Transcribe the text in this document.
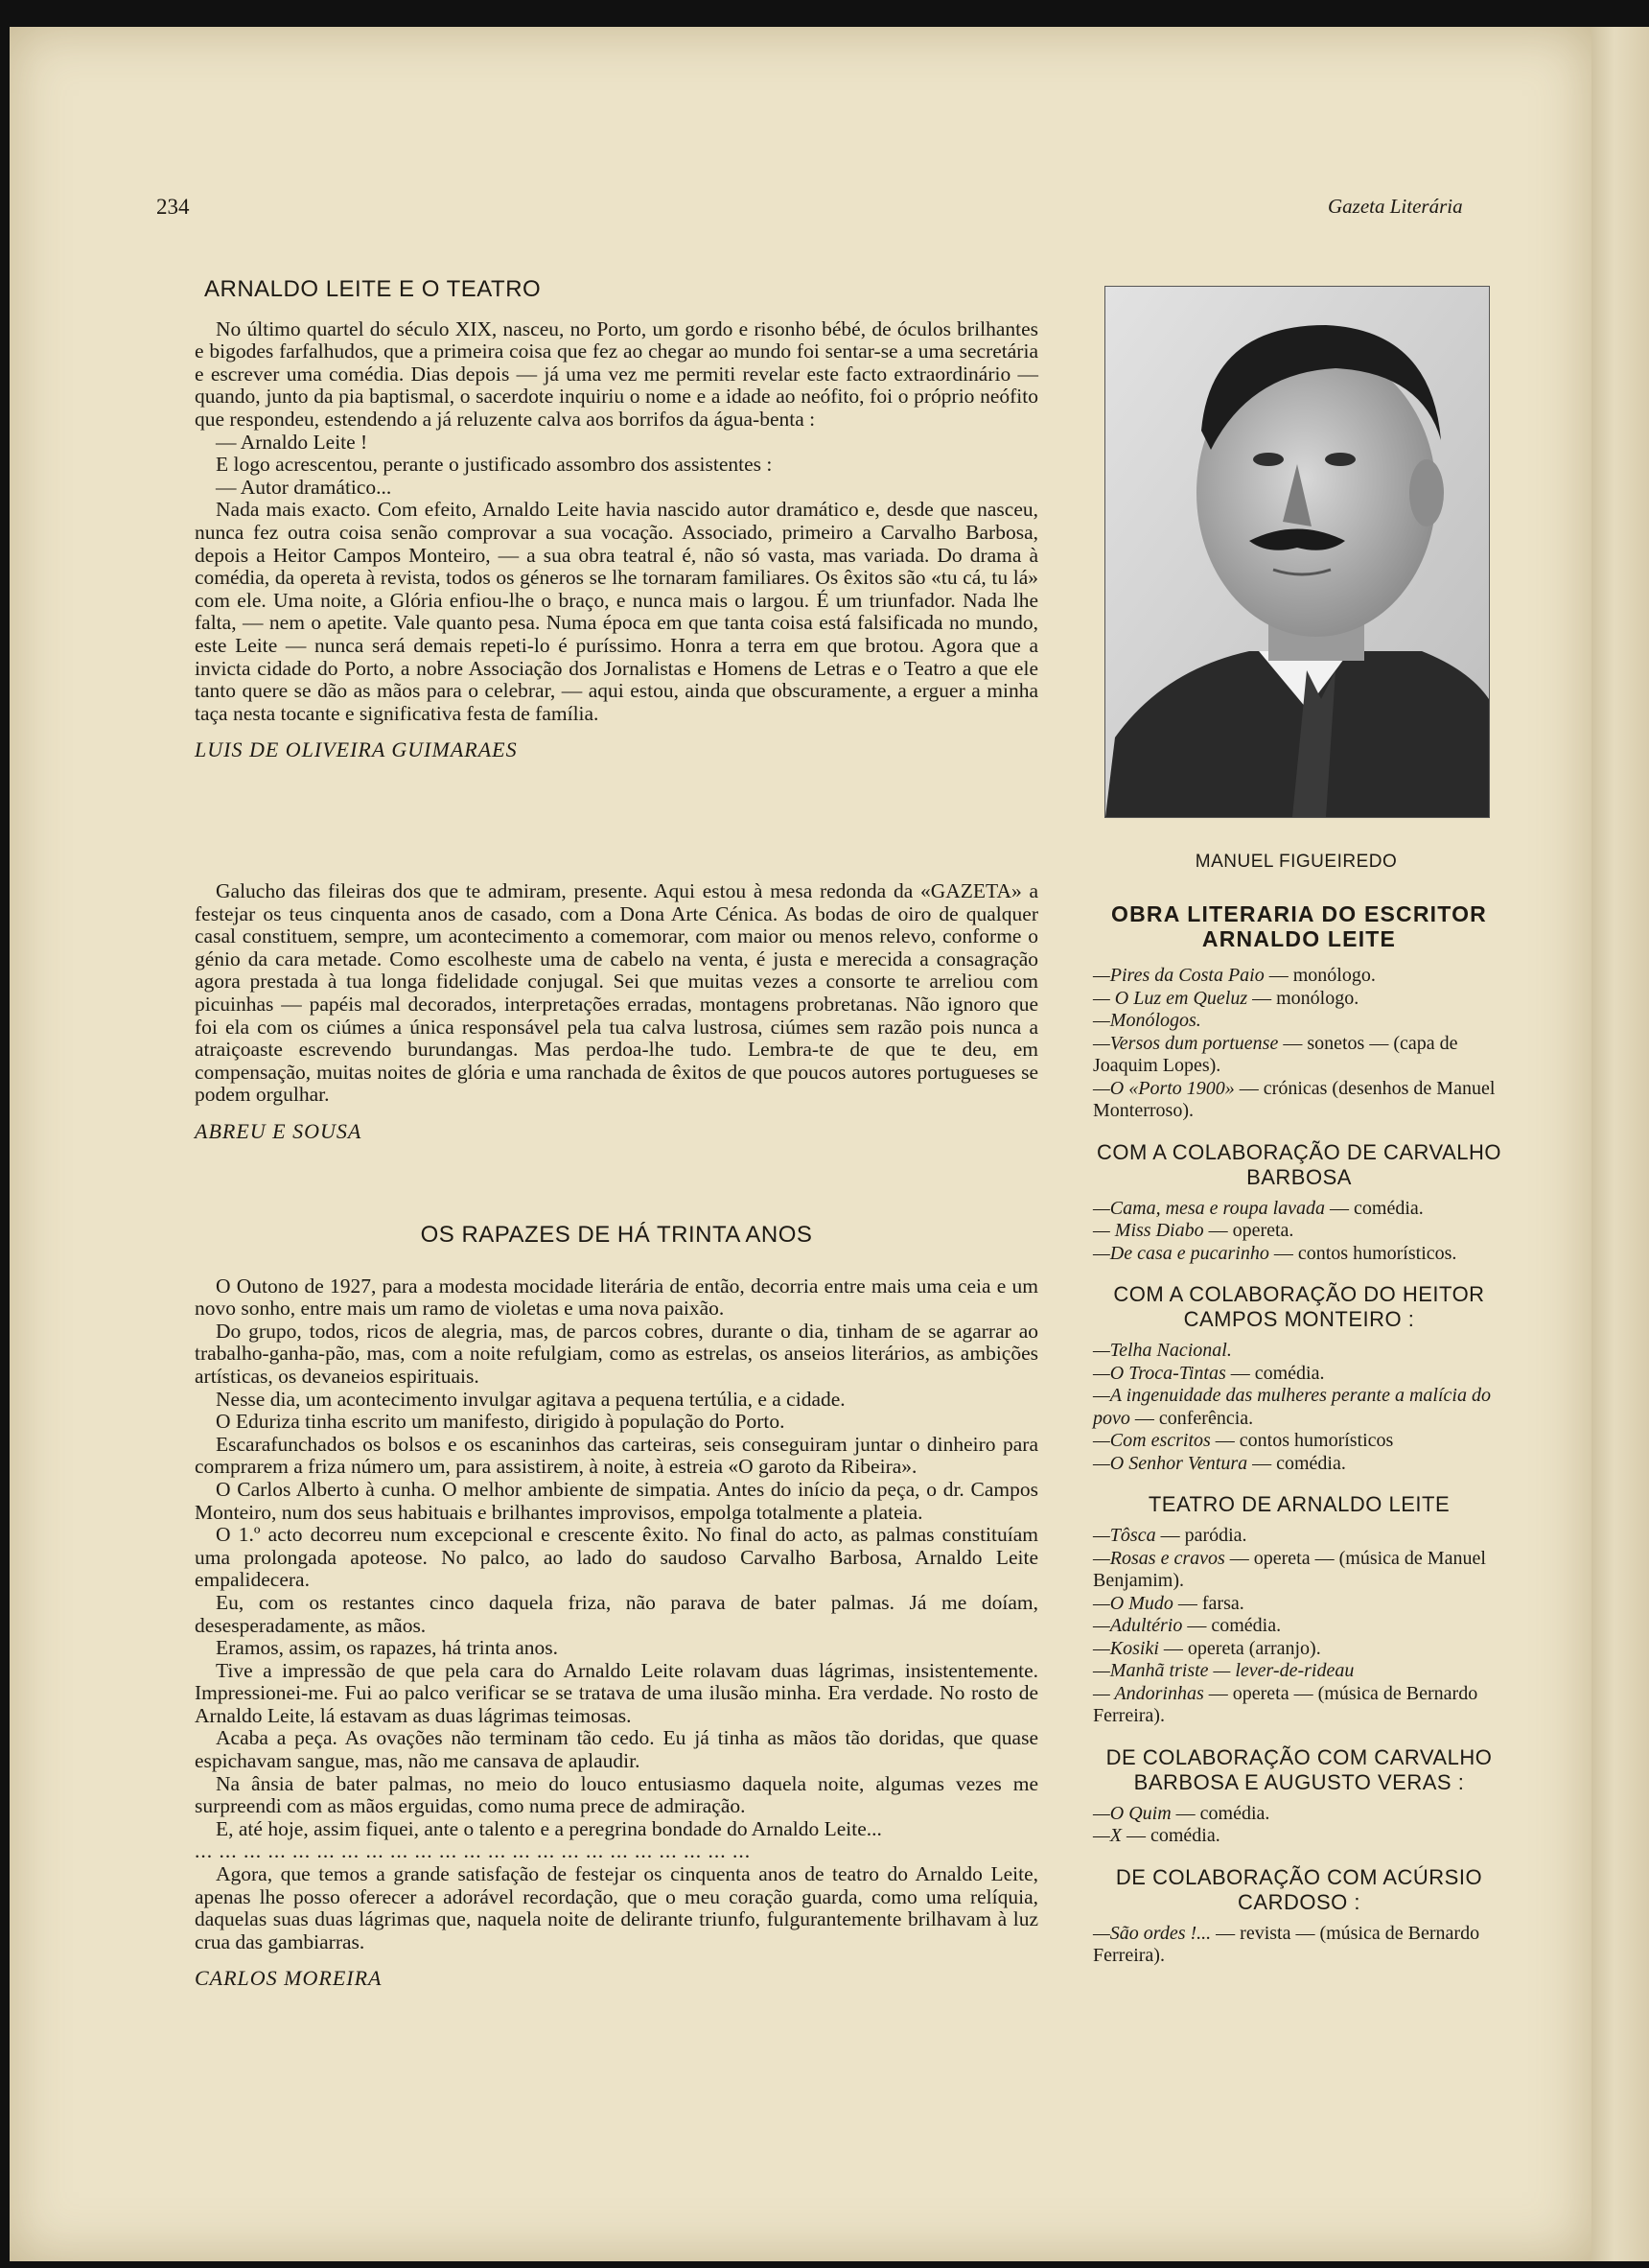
234	Gazeta Literária
ARNALDO LEITE E O TEATRO

No último quartel do século XIX, nasceu, no Porto, um gordo e risonho bébé, de óculos brilhantes e bigodes farfalhudos, que a primeira coisa que fez ao chegar ao mundo foi sentar-se a uma secretária e escrever uma comédia. Dias depois — já uma vez me permiti revelar este facto extraordinário — quando, junto da pia baptismal, o sacerdote inquiriu o nome e a idade ao neófito, foi o próprio neófito que respondeu, estendendo a já reluzente calva aos borrifos da água-benta :

— Arnaldo Leite !

E logo acrescentou, perante o justificado assombro dos assistentes :

— Autor dramático...

Nada mais exacto. Com efeito, Arnaldo Leite havia nascido autor dramático e, desde que nasceu, nunca fez outra coisa senão comprovar a sua vocação. Associado, primeiro a Carvalho Barbosa, depois a Heitor Campos Monteiro, — a sua obra teatral é, não só vasta, mas variada. Do drama à comédia, da opereta à revista, todos os géneros se lhe tornaram familiares. Os êxitos são «tu cá, tu lá» com ele. Uma noite, a Glória enfiou-lhe o braço, e nunca mais o largou. É um triunfador. Nada lhe falta, — nem o apetite. Vale quanto pesa. Numa época em que tanta coisa está falsificada no mundo, este Leite — nunca será demais repeti-lo é puríssimo. Honra a terra em que brotou. Agora que a invicta cidade do Porto, a nobre Associação dos Jornalistas e Homens de Letras e o Teatro a que ele tanto quere se dão as mãos para o celebrar, — aqui estou, ainda que obscuramente, a erguer a minha taça nesta tocante e significativa festa de família.

LUIS DE OLIVEIRA GUIMARAES

Galucho das fileiras dos que te admiram, presente. Aqui estou à mesa redonda da «GAZETA» a festejar os teus cinquenta anos de casado, com a Dona Arte Cénica. As bodas de oiro de qualquer casal constituem, sempre, um acontecimento a comemorar, com maior ou menos relevo, conforme o génio da cara metade. Como escolheste uma de cabelo na venta, é justa e merecida a consagração agora prestada à tua longa fidelidade conjugal. Sei que muitas vezes a consorte te arreliou com picuinhas — papéis mal decorados, interpretações erradas, montagens probretanas. Não ignoro que foi ela com os ciúmes a única responsável pela tua calva lustrosa, ciúmes sem razão pois nunca a atraiçoaste escrevendo burundangas. Mas perdoa-lhe tudo. Lembra-te de que te deu, em compensação, muitas noites de glória e uma ranchada de êxitos de que poucos autores portugueses se podem orgulhar.

ABREU E SOUSA

OS RAPAZES DE HÁ TRINTA ANOS

O Outono de 1927, para a modesta mocidade literária de então, decorria entre mais uma ceia e um novo sonho, entre mais um ramo de violetas e uma nova paixão.

Do grupo, todos, ricos de alegria, mas, de parcos cobres, durante o dia, tinham de se agarrar ao trabalho-ganha-pão, mas, com a noite refulgiam, como as estrelas, os anseios literários, as ambições artísticas, os devaneios espirituais.

Nesse dia, um acontecimento invulgar agitava a pequena tertúlia, e a cidade.

O Eduriza tinha escrito um manifesto, dirigido à população do Porto.

Escarafunchados os bolsos e os escaninhos das carteiras, seis conseguiram juntar o dinheiro para comprarem a friza número um, para assistirem, à noite, à estreia «O garoto da Ribeira».

O Carlos Alberto à cunha. O melhor ambiente de simpatia. Antes do início da peça, o dr. Campos Monteiro, num dos seus habituais e brilhantes improvisos, empolga totalmente a plateia.

O 1.º acto decorreu num excepcional e crescente êxito. No final do acto, as palmas constituíam uma prolongada apoteose. No palco, ao lado do saudoso Carvalho Barbosa, Arnaldo Leite empalidecera.

Eu, com os restantes cinco daquela friza, não parava de bater palmas. Já me doíam, desesperadamente, as mãos.

Eramos, assim, os rapazes, há trinta anos.

Tive a impressão de que pela cara do Arnaldo Leite rolavam duas lágrimas, insistentemente. Impressionei-me. Fui ao palco verificar se se tratava de uma ilusão minha. Era verdade. No rosto de Arnaldo Leite, lá estavam as duas lágrimas teimosas.

Acaba a peça. As ovações não terminam tão cedo. Eu já tinha as mãos tão doridas, que quase espichavam sangue, mas, não me cansava de aplaudir.

Na ânsia de bater palmas, no meio do louco entusiasmo daquela noite, algumas vezes me surpreendi com as mãos erguidas, como numa prece de admiração.

E, até hoje, assim fiquei, ante o talento e a peregrina bondade do Arnaldo Leite...

... ... ... ... ... ... ... ... ... ... ... ... ... ... ... ... ... ... ... ... ... ... ...

Agora, que temos a grande satisfação de festejar os cinquenta anos de teatro do Arnaldo Leite, apenas lhe posso oferecer a adorável recordação, que o meu coração guarda, como uma relíquia, daquelas suas duas lágrimas que, naquela noite de delirante triunfo, fulgurantemente brilhavam à luz crua das gambiarras.

CARLOS MOREIRA

MANUEL FIGUEIREDO
OBRA LITERARIA DO ESCRITOR ARNALDO LEITE
—Pires da Costa Paio — monólogo.
— O Luz em Queluz — monólogo.
—Monólogos.
—Versos dum portuense — sonetos — (capa de Joaquim Lopes).
—O «Porto 1900» — crónicas (desenhos de Manuel Monterroso).
COM A COLABORAÇÃO DE CARVALHO BARBOSA
—Cama, mesa e roupa lavada — comédia.
— Miss Diabo — opereta.
—De casa e pucarinho — contos humorísticos.
COM A COLABORAÇÃO DO HEITOR CAMPOS MONTEIRO :
—Telha Nacional.
—O Troca-Tintas — comédia.
—A ingenuidade das mulheres perante a malícia do povo — conferência.
—Com escritos — contos humorísticos
—O Senhor Ventura — comédia.
TEATRO DE ARNALDO LEITE
—Tôsca — paródia.
—Rosas e cravos — opereta — (música de Manuel Benjamim).
—O Mudo — farsa.
—Adultério — comédia.
—Kosiki — opereta (arranjo).
—Manhã triste — lever-de-rideau
— Andorinhas — opereta — (música de Bernardo Ferreira).
DE COLABORAÇÃO COM CARVALHO BARBOSA E AUGUSTO VERAS :
—O Quim — comédia.
—X — comédia.
DE COLABORAÇÃO COM ACÚRSIO CARDOSO :
—São ordes !... — revista — (música de Bernardo Ferreira).
